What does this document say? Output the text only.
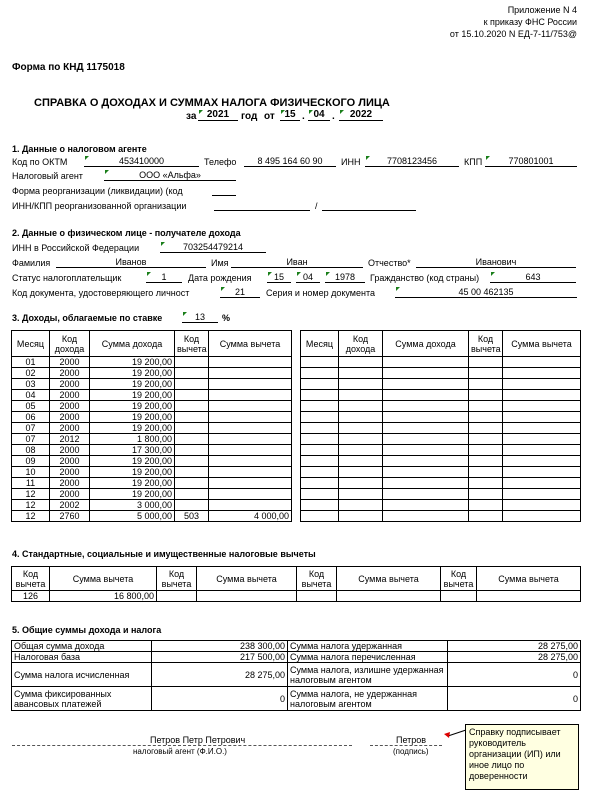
Приложение N 4
к приказу ФНС России
от 15.10.2020 N ЕД-7-11/753@
Форма по КНД 1175018
СПРАВКА О ДОХОДАХ И СУММАХ НАЛОГА ФИЗИЧЕСКОГО ЛИЦА
за	2021	год от 15 . 04 .	2022
1. Данные о налоговом агенте
Код по ОКТМ	453410000	Телефо	8 495 164 60 90	ИНН	7708123456	КПП	770801001
Налоговый агент	ООО «Альфа»
Форма реорганизации (ликвидации) (код
ИНН/КПП реорганизованной организации	/
2. Данные о физическом лице - получателе дохода
ИНН в Российской Федерации	703254479214
Фамилия	Иванов	Имя	Иван	Отчество*	Иванович
Статус налогоплательщик	1	Дата рождения	15	04	1978	Гражданство (код страны)	643
Код документа, удостоверяющего личност	21	Серия и номер документа	45 00 462135
3. Доходы, облагаемые по ставке	13	%
Месяц	Код дохода	Сумма дохода	Код вычета	Сумма вычета
01	2000	19 200,00		
02	2000	19 200,00		
03	2000	19 200,00		
04	2000	19 200,00		
05	2000	19 200,00		
06	2000	19 200,00		
07	2000	19 200,00		
07	2012	1 800,00		
08	2000	17 300,00		
09	2000	19 200,00		
10	2000	19 200,00		
11	2000	19 200,00		
12	2000	19 200,00		
12	2002	3 000,00		
12	2760	5 000,00	503	4 000,00
Месяц	Код дохода	Сумма дохода	Код вычета	Сумма вычета

4. Стандартные, социальные и имущественные налоговые вычеты
Код вычета	Сумма вычета	Код вычета	Сумма вычета	Код вычета	Сумма вычета	Код вычета	Сумма вычета
126	16 800,00						
5. Общие суммы дохода и налога
Общая сумма дохода	238 300,00	Сумма налога удержанная	28 275,00
Налоговая база	217 500,00	Сумма налога перечисленная	28 275,00
Сумма налога исчисленная	28 275,00	Сумма налога, излишне удержанная налоговым агентом	0
Сумма фиксированных авансовых платежей	0	Сумма налога, не удержанная налоговым агентом	0
Петров Петр Петрович
налоговый агент (Ф.И.О.)
Петров
(подпись)
Справку подписывает руководитель организации (ИП) или иное лицо по доверенности
